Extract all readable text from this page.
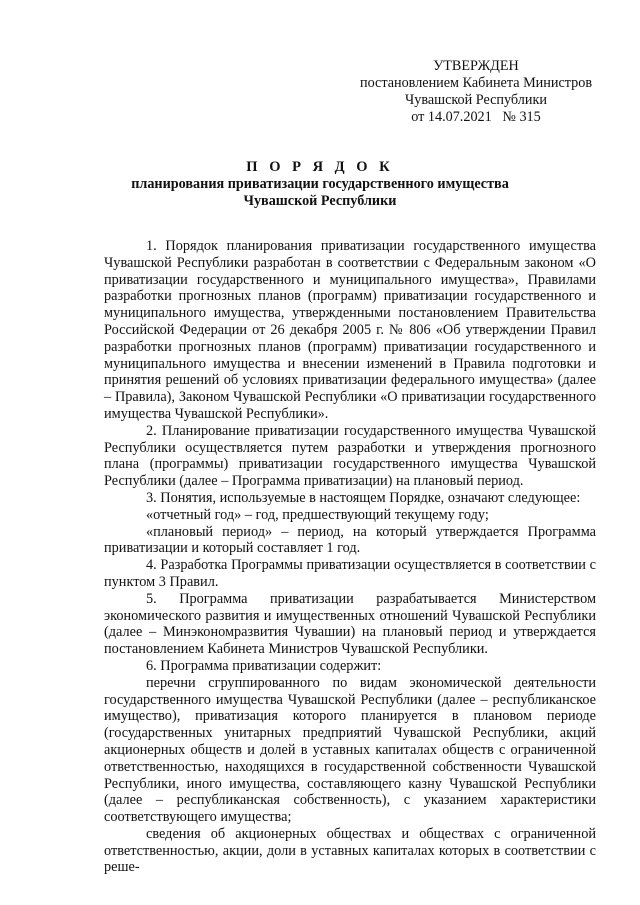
УТВЕРЖДЕН
постановлением Кабинета Министров
Чувашской Республики
от 14.07.2021   № 315
П О Р Я Д О К
планирования приватизации государственного имущества
Чувашской Республики

1. Порядок планирования приватизации государственного имущества Чувашской Республики разработан в соответствии с Федеральным законом «О приватизации государственного и муниципального имущества», Правилами разработки прогнозных планов (программ) приватизации государственного и муниципального имущества, утвержденными постановлением Правительства Российской Федерации от 26 декабря 2005 г. № 806 «Об утверждении Правил разработки прогнозных планов (программ) приватизации государственного и муниципального имущества и внесении изменений в Правила подготовки и принятия решений об условиях приватизации федерального имущества» (далее – Правила), Законом Чувашской Республики «О приватизации государственного имущества Чувашской Республики».

2. Планирование приватизации государственного имущества Чувашской Республики осуществляется путем разработки и утверждения прогнозного плана (программы) приватизации государственного имущества Чувашской Республики (далее – Программа приватизации) на плановый период.

3. Понятия, используемые в настоящем Порядке, означают следующее:

«отчетный год» – год, предшествующий текущему году;

«плановый период» – период, на который утверждается Программа приватизации и который составляет 1 год.

4. Разработка Программы приватизации осуществляется в соответствии с пунктом 3 Правил.

5. Программа приватизации разрабатывается Министерством экономического развития и имущественных отношений Чувашской Республики (далее – Минэкономразвития Чувашии) на плановый период и утверждается постановлением Кабинета Министров Чувашской Республики.

6. Программа приватизации содержит:

перечни сгруппированного по видам экономической деятельности государственного имущества Чувашской Республики (далее – республиканское имущество), приватизация которого планируется в плановом периоде (государственных унитарных предприятий Чувашской Республики, акций акционерных обществ и долей в уставных капиталах обществ с ограниченной ответственностью, находящихся в государственной собственности Чувашской Республики, иного имущества, составляющего казну Чувашской Республики (далее – республиканская собственность), с указанием характеристики соответствующего имущества;

сведения об акционерных обществах и обществах с ограниченной ответственностью, акции, доли в уставных капиталах которых в соответствии с реше-
